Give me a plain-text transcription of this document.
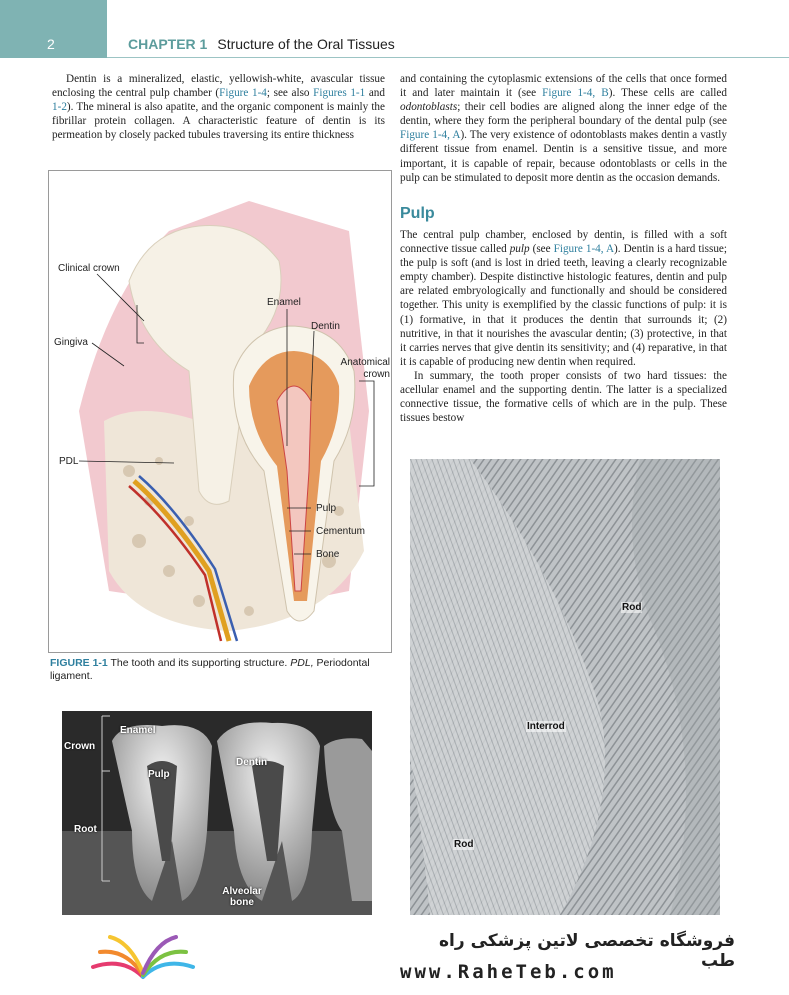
2	CHAPTER 1 Structure of the Oral Tissues

Dentin is a mineralized, elastic, yellowish-white, avascular tissue enclosing the central pulp chamber (Figure 1-4; see also Figures 1-1 and 1-2). The mineral is also apatite, and the organic component is mainly the fibrillar protein collagen. A characteristic feature of dentin is its permeation by closely packed tubules traversing its entire thickness

and containing the cytoplasmic extensions of the cells that once formed it and later maintain it (see Figure 1-4, B). These cells are called odontoblasts; their cell bodies are aligned along the inner edge of the dentin, where they form the peripheral boundary of the dental pulp (see Figure 1-4, A). The very existence of odontoblasts makes dentin a vastly different tissue from enamel. Dentin is a sensitive tissue, and more important, it is capable of repair, because odontoblasts or cells in the pulp can be stimulated to deposit more dentin as the occasion demands.

Pulp

The central pulp chamber, enclosed by dentin, is filled with a soft connective tissue called pulp (see Figure 1-4, A). Dentin is a hard tissue; the pulp is soft (and is lost in dried teeth, leaving a clearly recognizable empty chamber). Despite distinctive histologic features, dentin and pulp are related embryologically and functionally and should be considered together. This unity is exemplified by the classic functions of pulp: it is (1) formative, in that it produces the dentin that surrounds it; (2) nutritive, in that it nourishes the avascular dentin; (3) protective, in that it carries nerves that give dentin its sensitivity; and (4) reparative, in that it is capable of producing new dentin when required.

In summary, the tooth proper consists of two hard tissues: the acellular enamel and the supporting dentin. The latter is a specialized connective tissue, the formative cells of which are in the pulp. These tissues bestow

Clinical crown
Enamel
Dentin
Gingiva
Anatomical crown
PDL
Pulp
Cementum
Bone
FIGURE 1-1 The tooth and its supporting structure. PDL, Periodontal ligament.
Enamel
Crown
Pulp
Dentin
Root
Alveolar bone
Rod
Interrod
Rod
فروشگاه تخصصی لاتین پزشکی راه طب
www.RaheTeb.com
